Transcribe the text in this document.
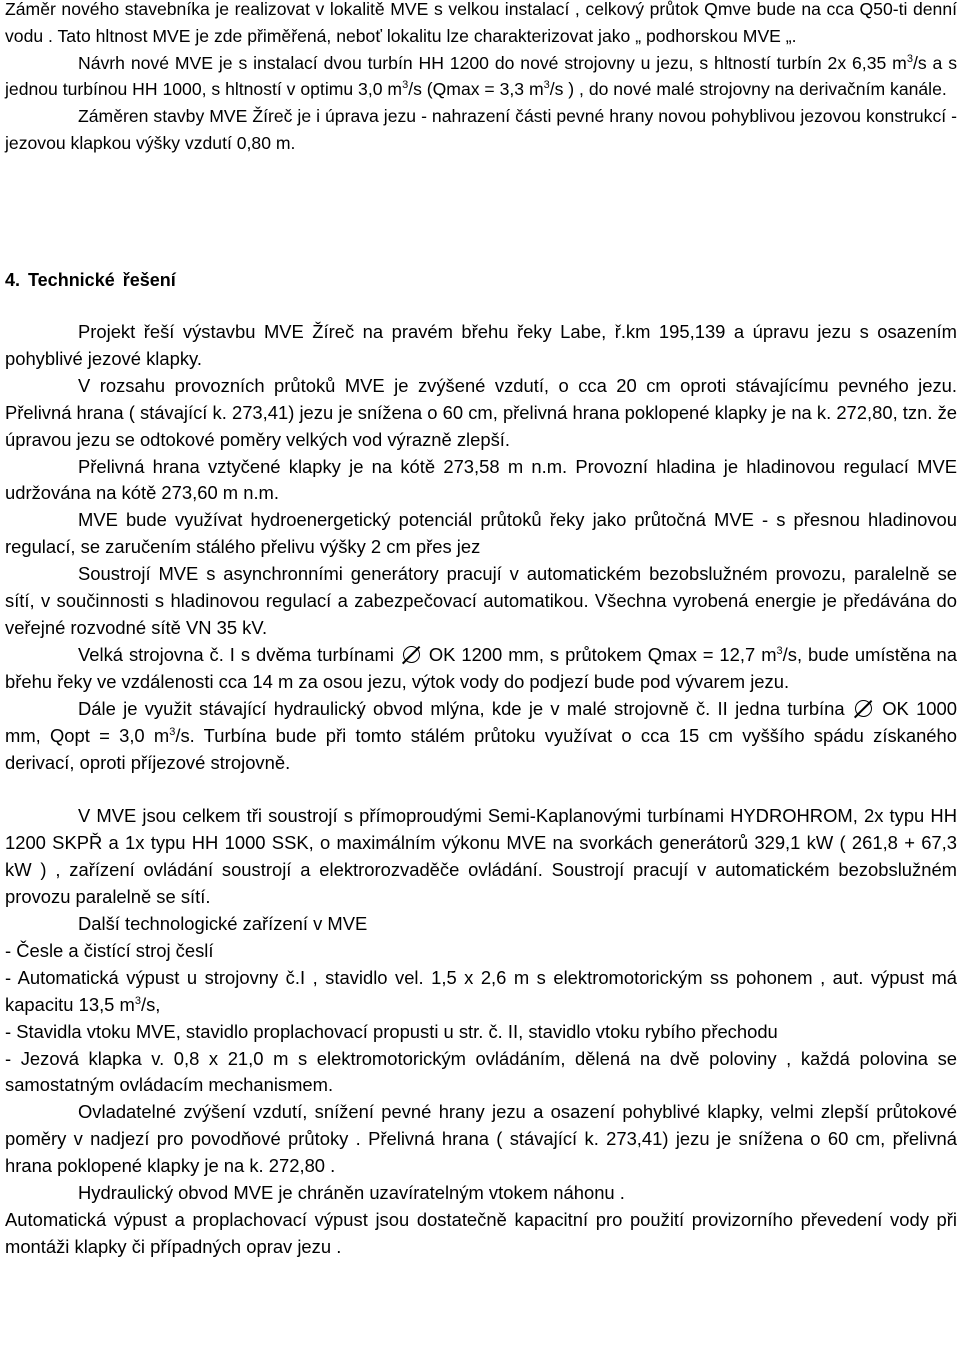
Záměr nového stavebníka je realizovat v lokalitě MVE s velkou instalací , celkový průtok Qmve bude na cca Q50-ti denní vodu . Tato hltnost MVE je zde přiměřená, neboť lokalitu lze charakterizovat jako „ podhorskou MVE „.

Návrh nové MVE je s instalací dvou turbín HH 1200 do nové strojovny u jezu, s hltností turbín 2x 6,35 $m^3/s$ a s jednou turbínou HH 1000, s hltností v optimu 3,0 $m^3/s$ (Qmax = 3,3 $m^3/s$ ) , do nové malé strojovny na derivačním kanále.

Záměren stavby MVE Žíreč je i úprava jezu - nahrazení části pevné hrany novou pohyblivou jezovou konstrukcí - jezovou klapkou výšky vzdutí 0,80 m.

4. Technické řešení

Projekt řeší výstavbu MVE Žíreč na pravém břehu řeky Labe, ř.km 195,139 a úpravu jezu s osazením pohyblivé jezové klapky.

V rozsahu provozních průtoků MVE je zvýšené vzdutí, o cca 20 cm oproti stávajícímu pevného jezu. Přelivná hrana ( stávající k. 273,41) jezu je snížena o 60 cm, přelivná hrana poklopené klapky je na k. 272,80, tzn. že úpravou jezu se odtokové poměry velkých vod výrazně zlepší.

Přelivná hrana vztyčené klapky je na kótě 273,58 m n.m. Provozní hladina je hladinovou regulací MVE udržována na kótě 273,60 m n.m.

MVE bude využívat hydroenergetický potenciál průtoků řeky jako průtočná MVE - s přesnou hladinovou regulací, se zaručením stálého přelivu výšky 2 cm přes jez

Soustrojí MVE s asynchronními generátory pracují v automatickém bezobslužném provozu, paralelně se sítí, v součinnosti s hladinovou regulací a zabezpečovací automatikou. Všechna vyrobená energie je předávána do veřejné rozvodné sítě VN 35 kV.

Velká strojovna č. I s dvěma turbínami OK 1200 mm, s průtokem Qmax = 12,7 $m^3/s$, bude umístěna na břehu řeky ve vzdálenosti cca 14 m za osou jezu, výtok vody do podjezí bude pod vývarem jezu.

Dále je využit stávající hydraulický obvod mlýna, kde je v malé strojovně č. II jedna turbína OK 1000 mm, Qopt = 3,0 $m^3/s$. Turbína bude při tomto stálém průtoku využívat o cca 15 cm vyššího spádu získaného derivací, oproti příjezové strojovně.

V MVE jsou celkem tři soustrojí s přímoproudými Semi-Kaplanovými turbínami HYDROHROM, 2x typu HH 1200 SKPŘ a 1x typu HH 1000 SSK, o maximálním výkonu MVE na svorkách generátorů 329,1 kW ( 261,8 + 67,3 kW ) , zařízení ovládání soustrojí a elektrorozvaděče ovládání. Soustrojí pracují v automatickém bezobslužném provozu paralelně se sítí.

Další technologické zařízení v MVE

- Česle a čistící stroj česlí

- Automatická výpust u strojovny č.I , stavidlo vel. 1,5 x 2,6 m s elektromotorickým ss pohonem , aut. výpust má kapacitu 13,5 $m^3/s$,

- Stavidla vtoku MVE, stavidlo proplachovací propusti u str. č. II, stavidlo vtoku rybího přechodu

- Jezová klapka v. 0,8 x 21,0 m s elektromotorickým ovládáním, dělená na dvě poloviny , každá polovina se samostatným ovládacím mechanismem.

Ovladatelné zvýšení vzdutí, snížení pevné hrany jezu a osazení pohyblivé klapky, velmi zlepší průtokové poměry v nadjezí pro povodňové průtoky . Přelivná hrana ( stávající k. 273,41) jezu je snížena o 60 cm, přelivná hrana poklopené klapky je na k. 272,80 .

Hydraulický obvod MVE je chráněn uzavíratelným vtokem náhonu .

Automatická výpust a proplachovací výpust jsou dostatečně kapacitní pro použití provizorního převedení vody při montáži klapky či případných oprav jezu .
